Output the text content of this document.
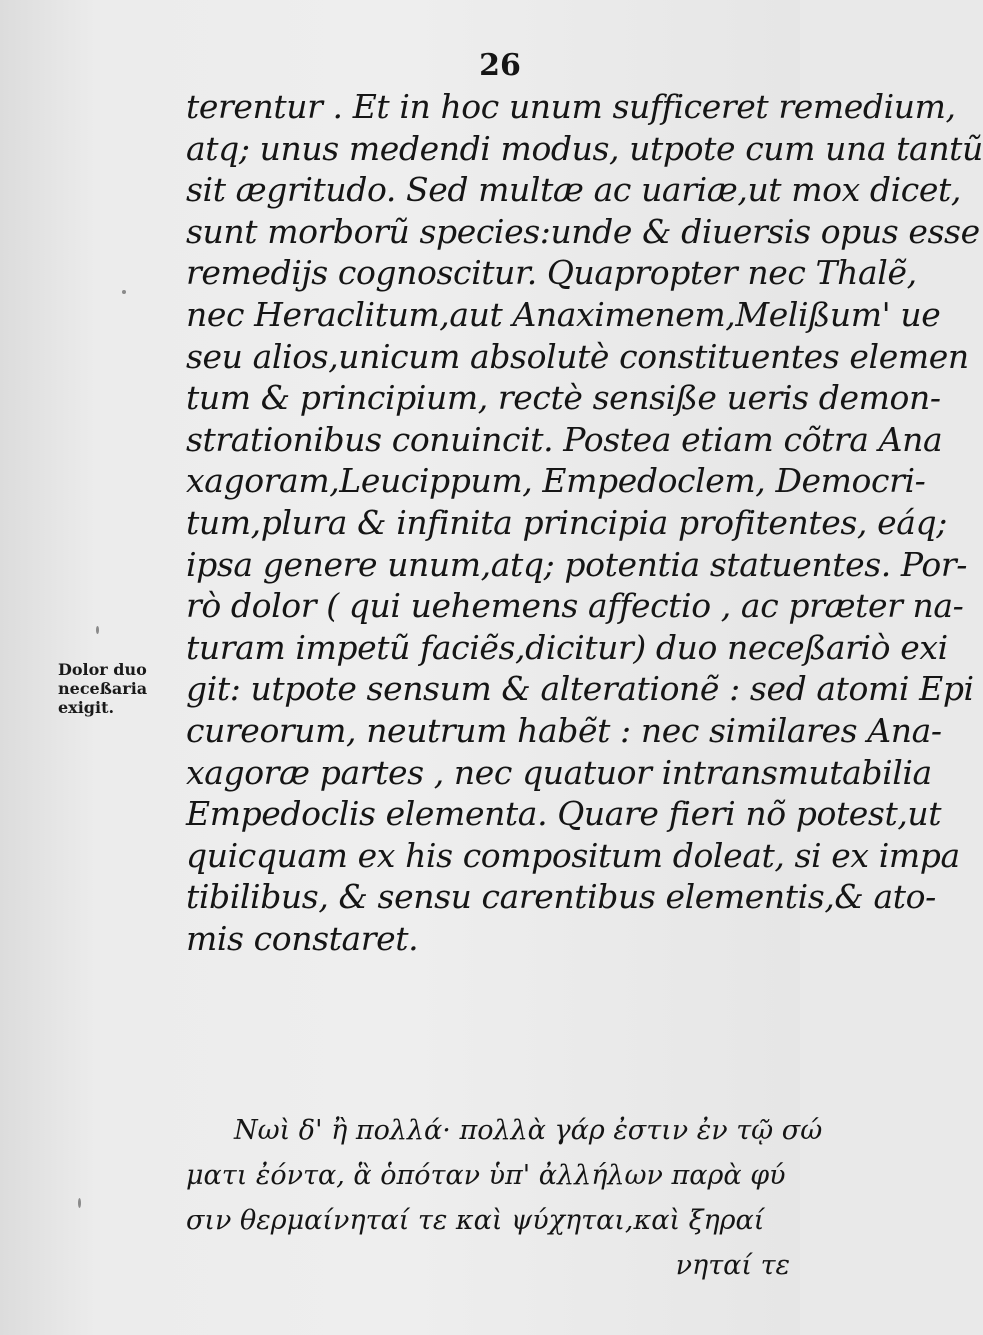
26
terentur . Et in hoc unum sufficeret remedium,
atq; unus medendi modus, utpote cum una tantũ
sit ægritudo. Sed multæ ac uariæ,ut mox dicet,
sunt morborũ species:unde & diuersis opus esse
remedijs cognoscitur. Quapropter nec Thalẽ,
nec Heraclitum,aut Anaximenem,Melißum' ue
seu alios,unicum absolutè constituentes elemen
tum & principium, rectè sensiße ueris demon-
strationibus conuincit. Postea etiam cõtra Ana
xagoram,Leucippum, Empedoclem, Democri-
tum,plura & infinita principia profitentes, eáq;
ipsa genere unum,atq; potentia statuentes. Por-
rò dolor ( qui uehemens affectio , ac præter na-
turam impetũ faciẽs,dicitur) duo neceßariò exi
git: utpote sensum & alterationẽ : sed atomi Epi
cureorum, neutrum habẽt : nec similares Ana-
xagoræ partes , nec quatuor intransmutabilia
Empedoclis elementa. Quare fieri nõ potest,ut
quicquam ex his compositum doleat, si ex impa
tibilibus, & sensu carentibus elementis,& ato-
mis constaret.
Dolor duo
neceßaria
exigit.
Νωὶ δ' ἢ πολλά· πολλὰ γάρ ἐστιν ἐν τῷ σώ
ματι ἐόντα, ἃ ὁπόταν ὑπ' ἀλλήλων παρὰ φύ
σιν θερμαίνηταί τε καὶ ψύχηται,καὶ ξηραί
νηταί τε
